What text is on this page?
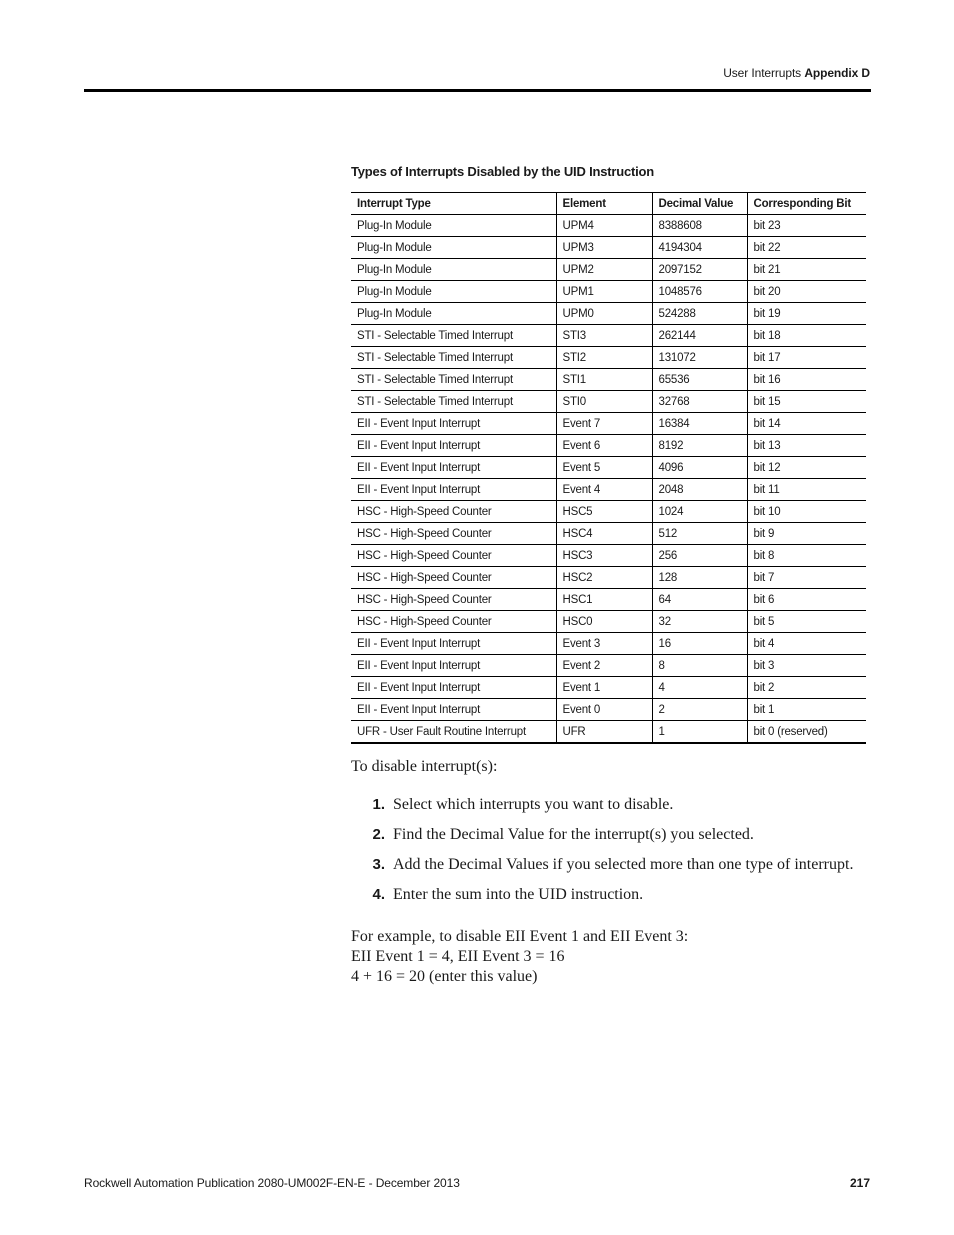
User Interrupts Appendix D
Types of Interrupts Disabled by the UID Instruction
Interrupt Type	Element	Decimal Value	Corresponding Bit
Plug-In Module	UPM4	8388608	bit 23
Plug-In Module	UPM3	4194304	bit 22
Plug-In Module	UPM2	2097152	bit 21
Plug-In Module	UPM1	1048576	bit 20
Plug-In Module	UPM0	524288	bit 19
STI - Selectable Timed Interrupt	STI3	262144	bit 18
STI - Selectable Timed Interrupt	STI2	131072	bit 17
STI - Selectable Timed Interrupt	STI1	65536	bit 16
STI - Selectable Timed Interrupt	STI0	32768	bit 15
EII - Event Input Interrupt	Event 7	16384	bit 14
EII - Event Input Interrupt	Event 6	8192	bit 13
EII - Event Input Interrupt	Event 5	4096	bit 12
EII - Event Input Interrupt	Event 4	2048	bit 11
HSC - High-Speed Counter	HSC5	1024	bit 10
HSC - High-Speed Counter	HSC4	512	bit 9
HSC - High-Speed Counter	HSC3	256	bit 8
HSC - High-Speed Counter	HSC2	128	bit 7
HSC - High-Speed Counter	HSC1	64	bit 6
HSC - High-Speed Counter	HSC0	32	bit 5
EII - Event Input Interrupt	Event 3	16	bit 4
EII - Event Input Interrupt	Event 2	8	bit 3
EII - Event Input Interrupt	Event 1	4	bit 2
EII - Event Input Interrupt	Event 0	2	bit 1
UFR - User Fault Routine Interrupt	UFR	1	bit 0 (reserved)
To disable interrupt(s):
1. Select which interrupts you want to disable.
2. Find the Decimal Value for the interrupt(s) you selected.
3. Add the Decimal Values if you selected more than one type of interrupt.
4. Enter the sum into the UID instruction.
For example, to disable EII Event 1 and EII Event 3:
EII Event 1 = 4, EII Event 3 = 16
4 + 16 = 20 (enter this value)
Rockwell Automation Publication 2080-UM002F-EN-E - December 2013	217
